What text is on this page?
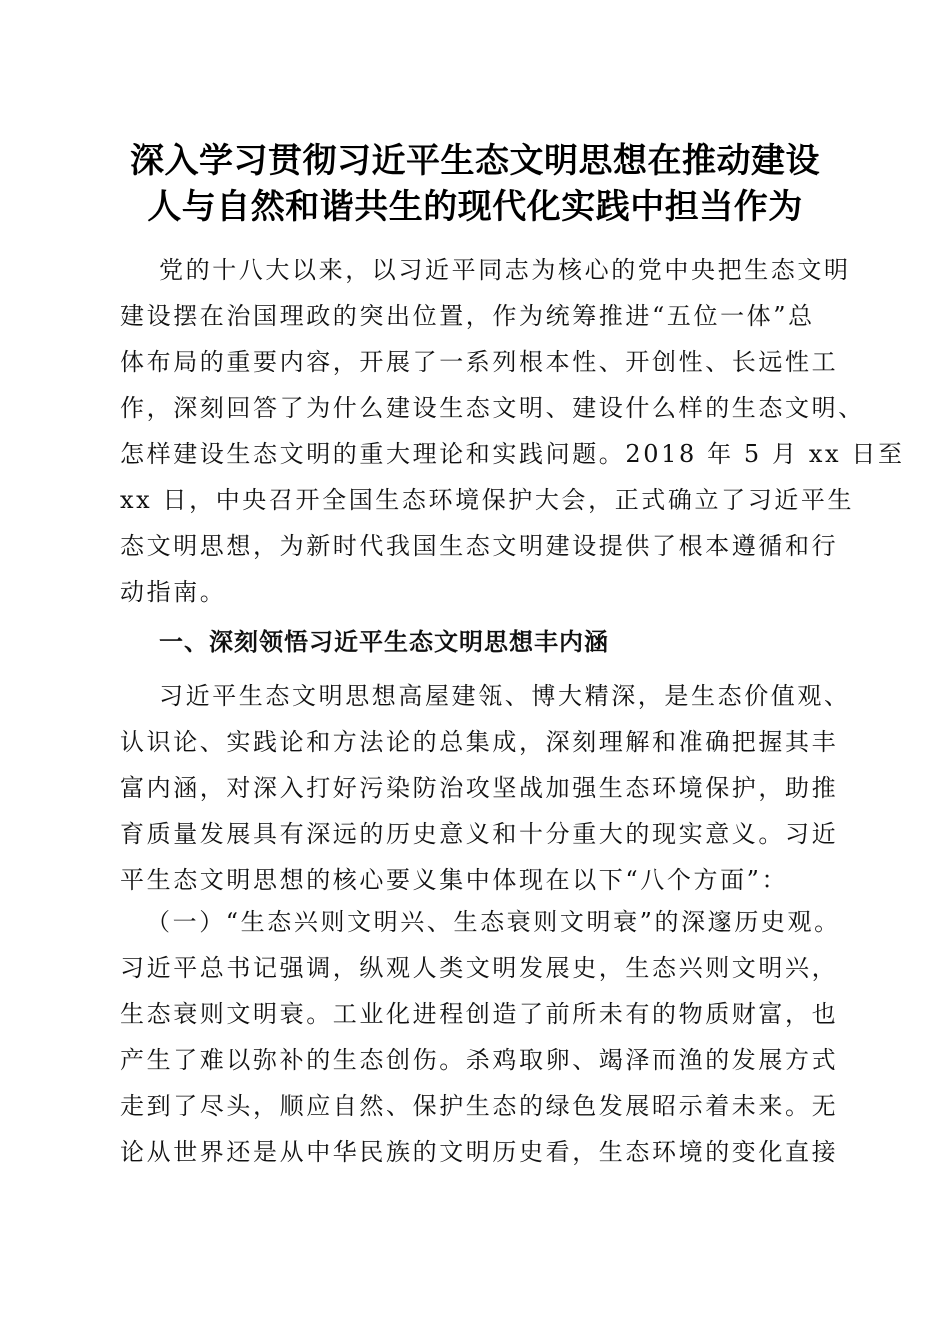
深入学习贯彻习近平生态文明思想在推动建设
人与自然和谐共生的现代化实践中担当作为
党的十八大以来，以习近平同志为核心的党中央把生态文明
建设摆在治国理政的突出位置，作为统筹推进“五位一体”总
体布局的重要内容，开展了一系列根本性、开创性、长远性工
作，深刻回答了为什么建设生态文明、建设什么样的生态文明、
怎样建设生态文明的重大理论和实践问题。2018 年 5 月 xx 日至
xx 日，中央召开全国生态环境保护大会，正式确立了习近平生
态文明思想，为新时代我国生态文明建设提供了根本遵循和行
动指南。
一、深刻领悟习近平生态文明思想丰内涵
习近平生态文明思想高屋建瓴、博大精深，是生态价值观、
认识论、实践论和方法论的总集成，深刻理解和准确把握其丰
富内涵，对深入打好污染防治攻坚战加强生态环境保护，助推
育质量发展具有深远的历史意义和十分重大的现实意义。习近
平生态文明思想的核心要义集中体现在以下“八个方面”：
（一）“生态兴则文明兴、生态衰则文明衰”的深邃历史观。
习近平总书记强调，纵观人类文明发展史，生态兴则文明兴，
生态衰则文明衰。工业化进程创造了前所未有的物质财富，也
产生了难以弥补的生态创伤。杀鸡取卵、竭泽而渔的发展方式
走到了尽头，顺应自然、保护生态的绿色发展昭示着未来。无
论从世界还是从中华民族的文明历史看，生态环境的变化直接
